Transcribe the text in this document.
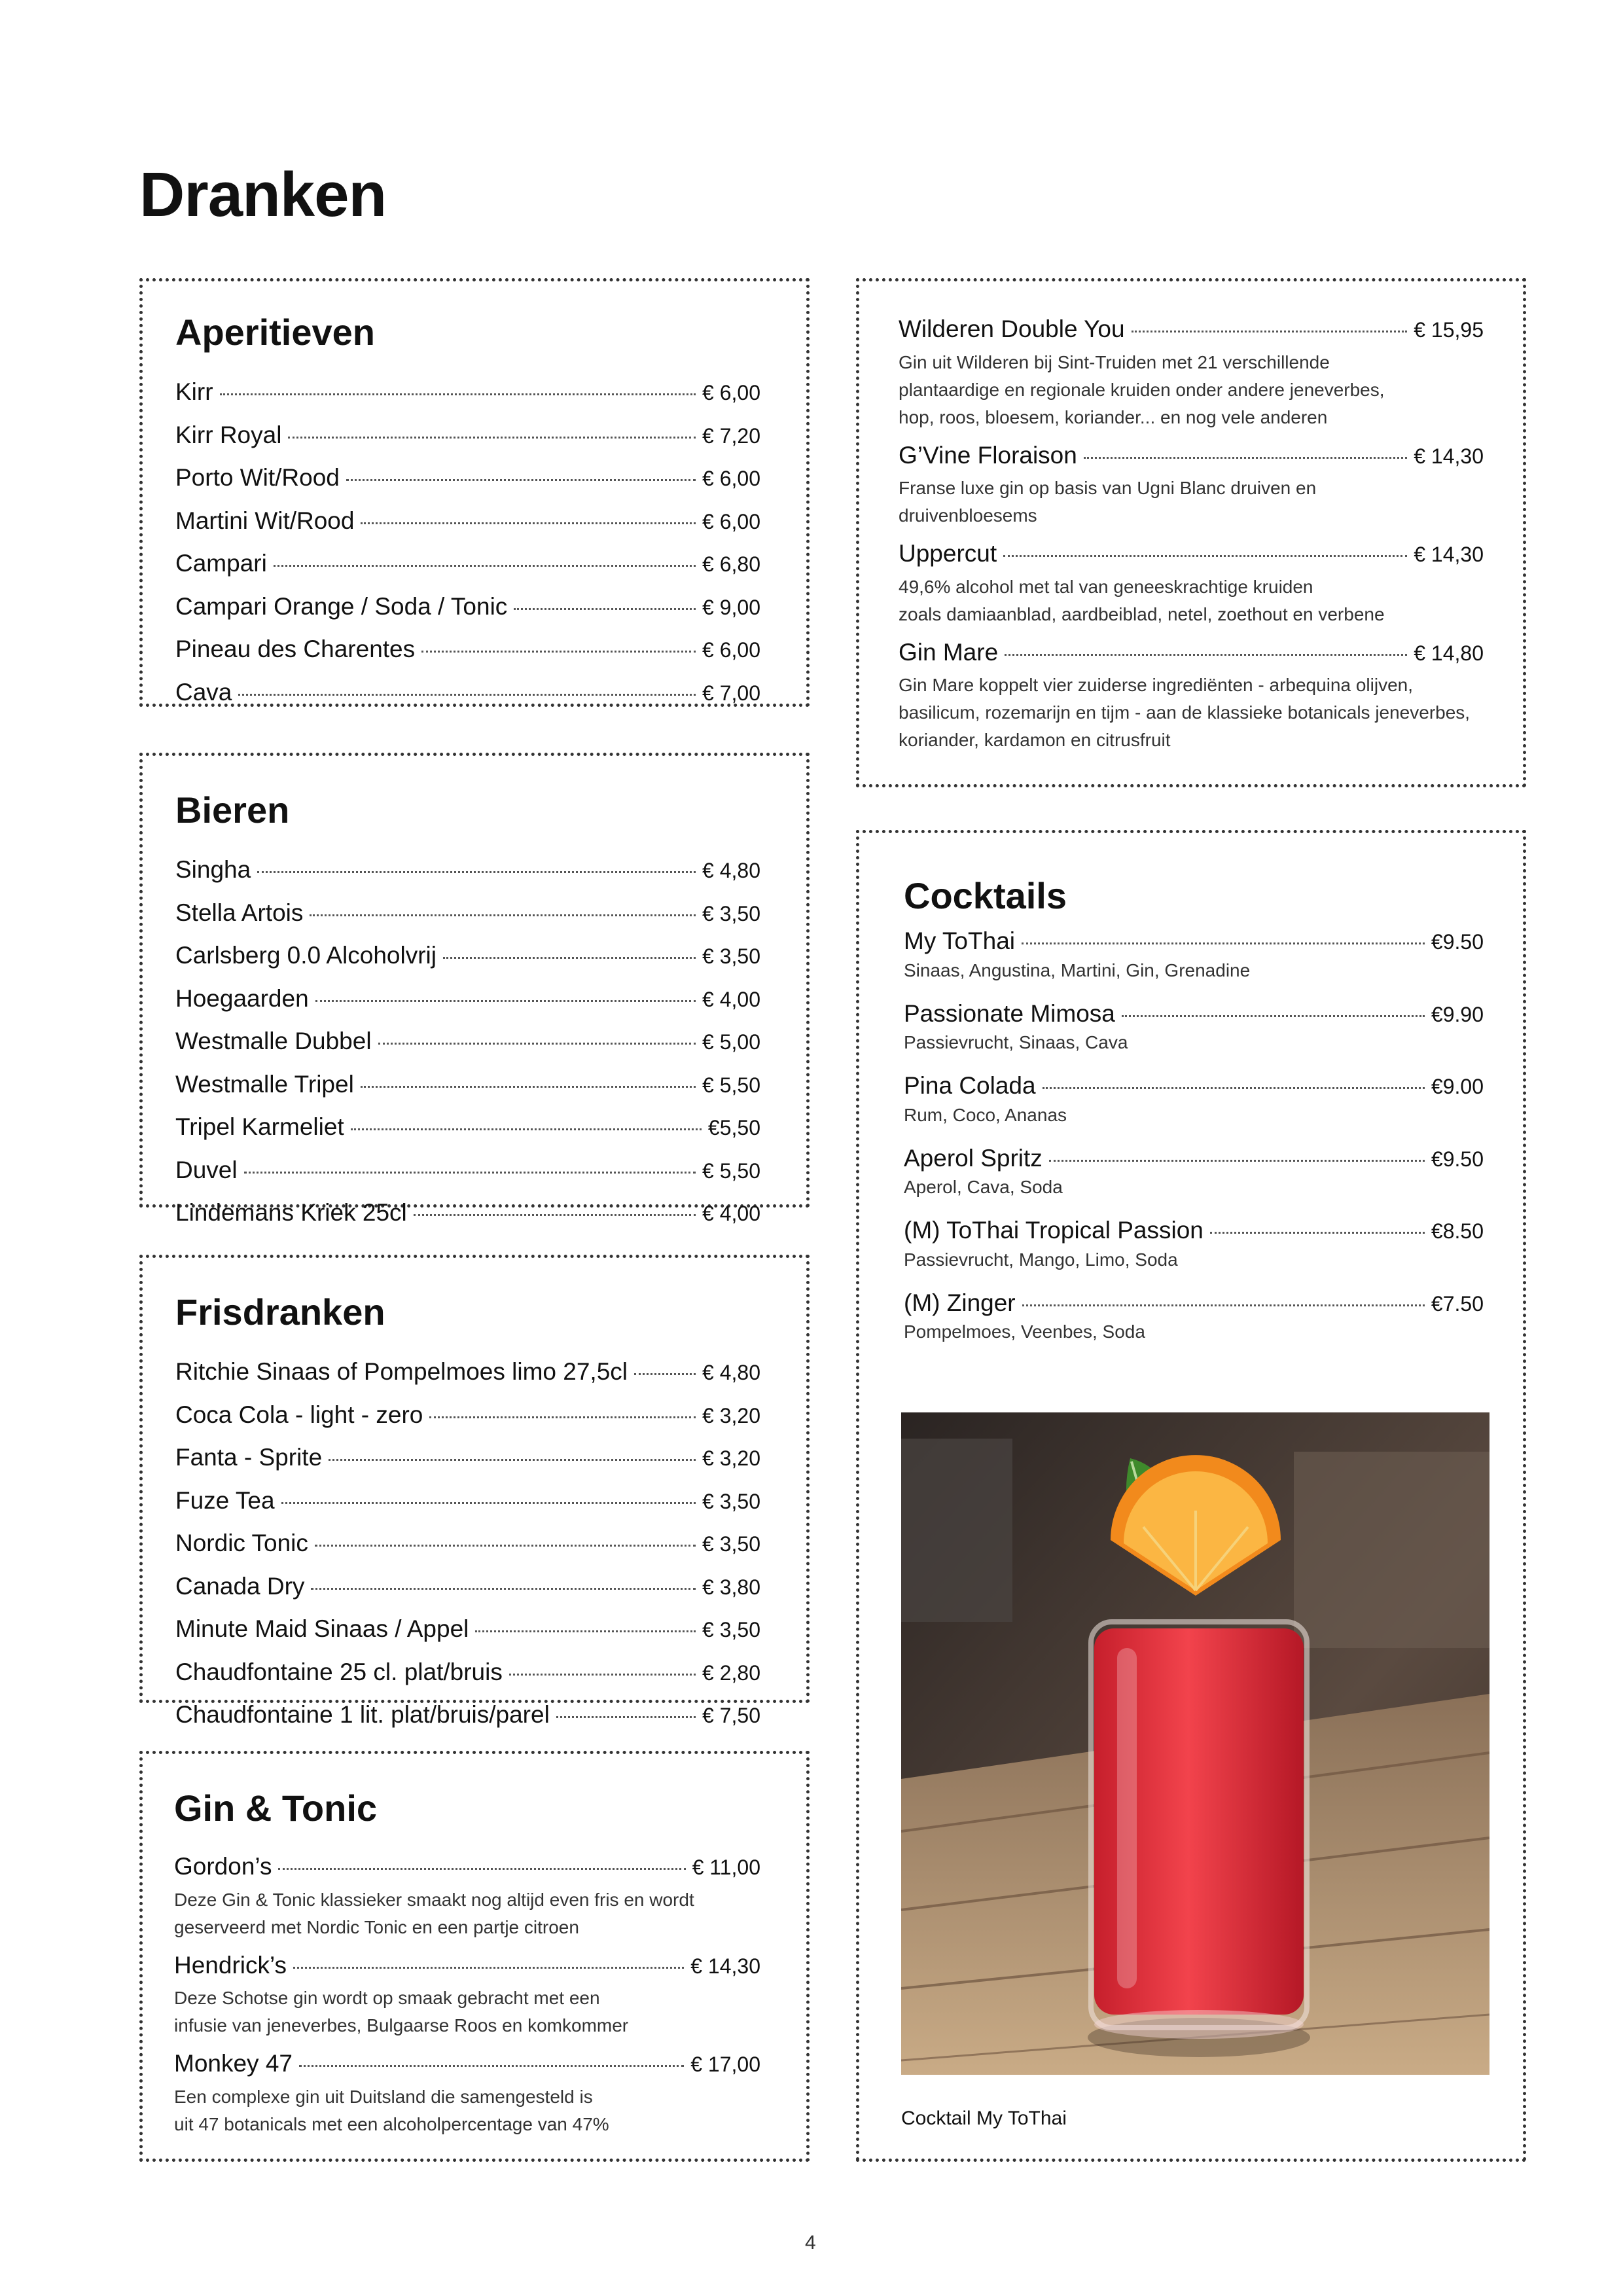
Dranken
Aperitieven
Kirr	€ 6,00
Kirr Royal	€ 7,20
Porto Wit/Rood	€ 6,00
Martini Wit/Rood	€ 6,00
Campari	€ 6,80
Campari Orange / Soda / Tonic	€ 9,00
Pineau des Charentes	€ 6,00
Cava	€ 7,00
Bieren
Singha	€ 4,80
Stella Artois	€ 3,50
Carlsberg 0.0 Alcoholvrij	€ 3,50
Hoegaarden	€ 4,00
Westmalle Dubbel	€ 5,00
Westmalle Tripel	€ 5,50
Tripel Karmeliet	€5,50
Duvel	€ 5,50
Lindemans Kriek 25cl	€ 4,00
Frisdranken
Ritchie Sinaas of Pompelmoes limo 27,5cl	€ 4,80
Coca Cola - light - zero	€ 3,20
Fanta - Sprite	€ 3,20
Fuze Tea	€ 3,50
Nordic Tonic	€ 3,50
Canada Dry	€ 3,80
Minute Maid Sinaas / Appel	€ 3,50
Chaudfontaine 25 cl. plat/bruis	€ 2,80
Chaudfontaine 1 lit. plat/bruis/parel	€ 7,50
Gin & Tonic
Gordon’s	€ 11,00
Deze Gin & Tonic klassieker smaakt nog altijd even fris en wordt
geserveerd met Nordic Tonic en een partje citroen
Hendrick’s	€ 14,30
Deze Schotse gin wordt op smaak gebracht met een
infusie van jeneverbes, Bulgaarse Roos en komkommer
Monkey 47	€ 17,00
Een complexe gin uit Duitsland die samengesteld is
uit 47 botanicals met een alcoholpercentage van 47%
Wilderen Double You	€ 15,95
Gin uit Wilderen bij Sint-Truiden met 21 verschillende
plantaardige en regionale kruiden onder andere jeneverbes,
hop, roos, bloesem, koriander... en nog vele anderen
G’Vine Floraison	€ 14,30
Franse luxe gin op basis van Ugni Blanc druiven en
druivenbloesems
Uppercut	€ 14,30
49,6% alcohol met tal van geneeskrachtige kruiden
zoals damiaanblad, aardbeiblad, netel, zoethout en verbene
Gin Mare	€ 14,80
Gin Mare koppelt vier zuiderse ingrediënten - arbequina olijven,
basilicum, rozemarijn en tijm - aan de klassieke botanicals jeneverbes,
koriander, kardamon en citrusfruit
Cocktails
My ToThai	€9.50
Sinaas, Angustina, Martini, Gin, Grenadine
Passionate Mimosa	€9.90
Passievrucht, Sinaas, Cava
Pina Colada	€9.00
Rum, Coco, Ananas
Aperol Spritz	€9.50
Aperol, Cava, Soda
(M) ToThai Tropical Passion	€8.50
Passievrucht, Mango, Limo, Soda
(M) Zinger	€7.50
Pompelmoes, Veenbes, Soda
Cocktail My ToThai
4
